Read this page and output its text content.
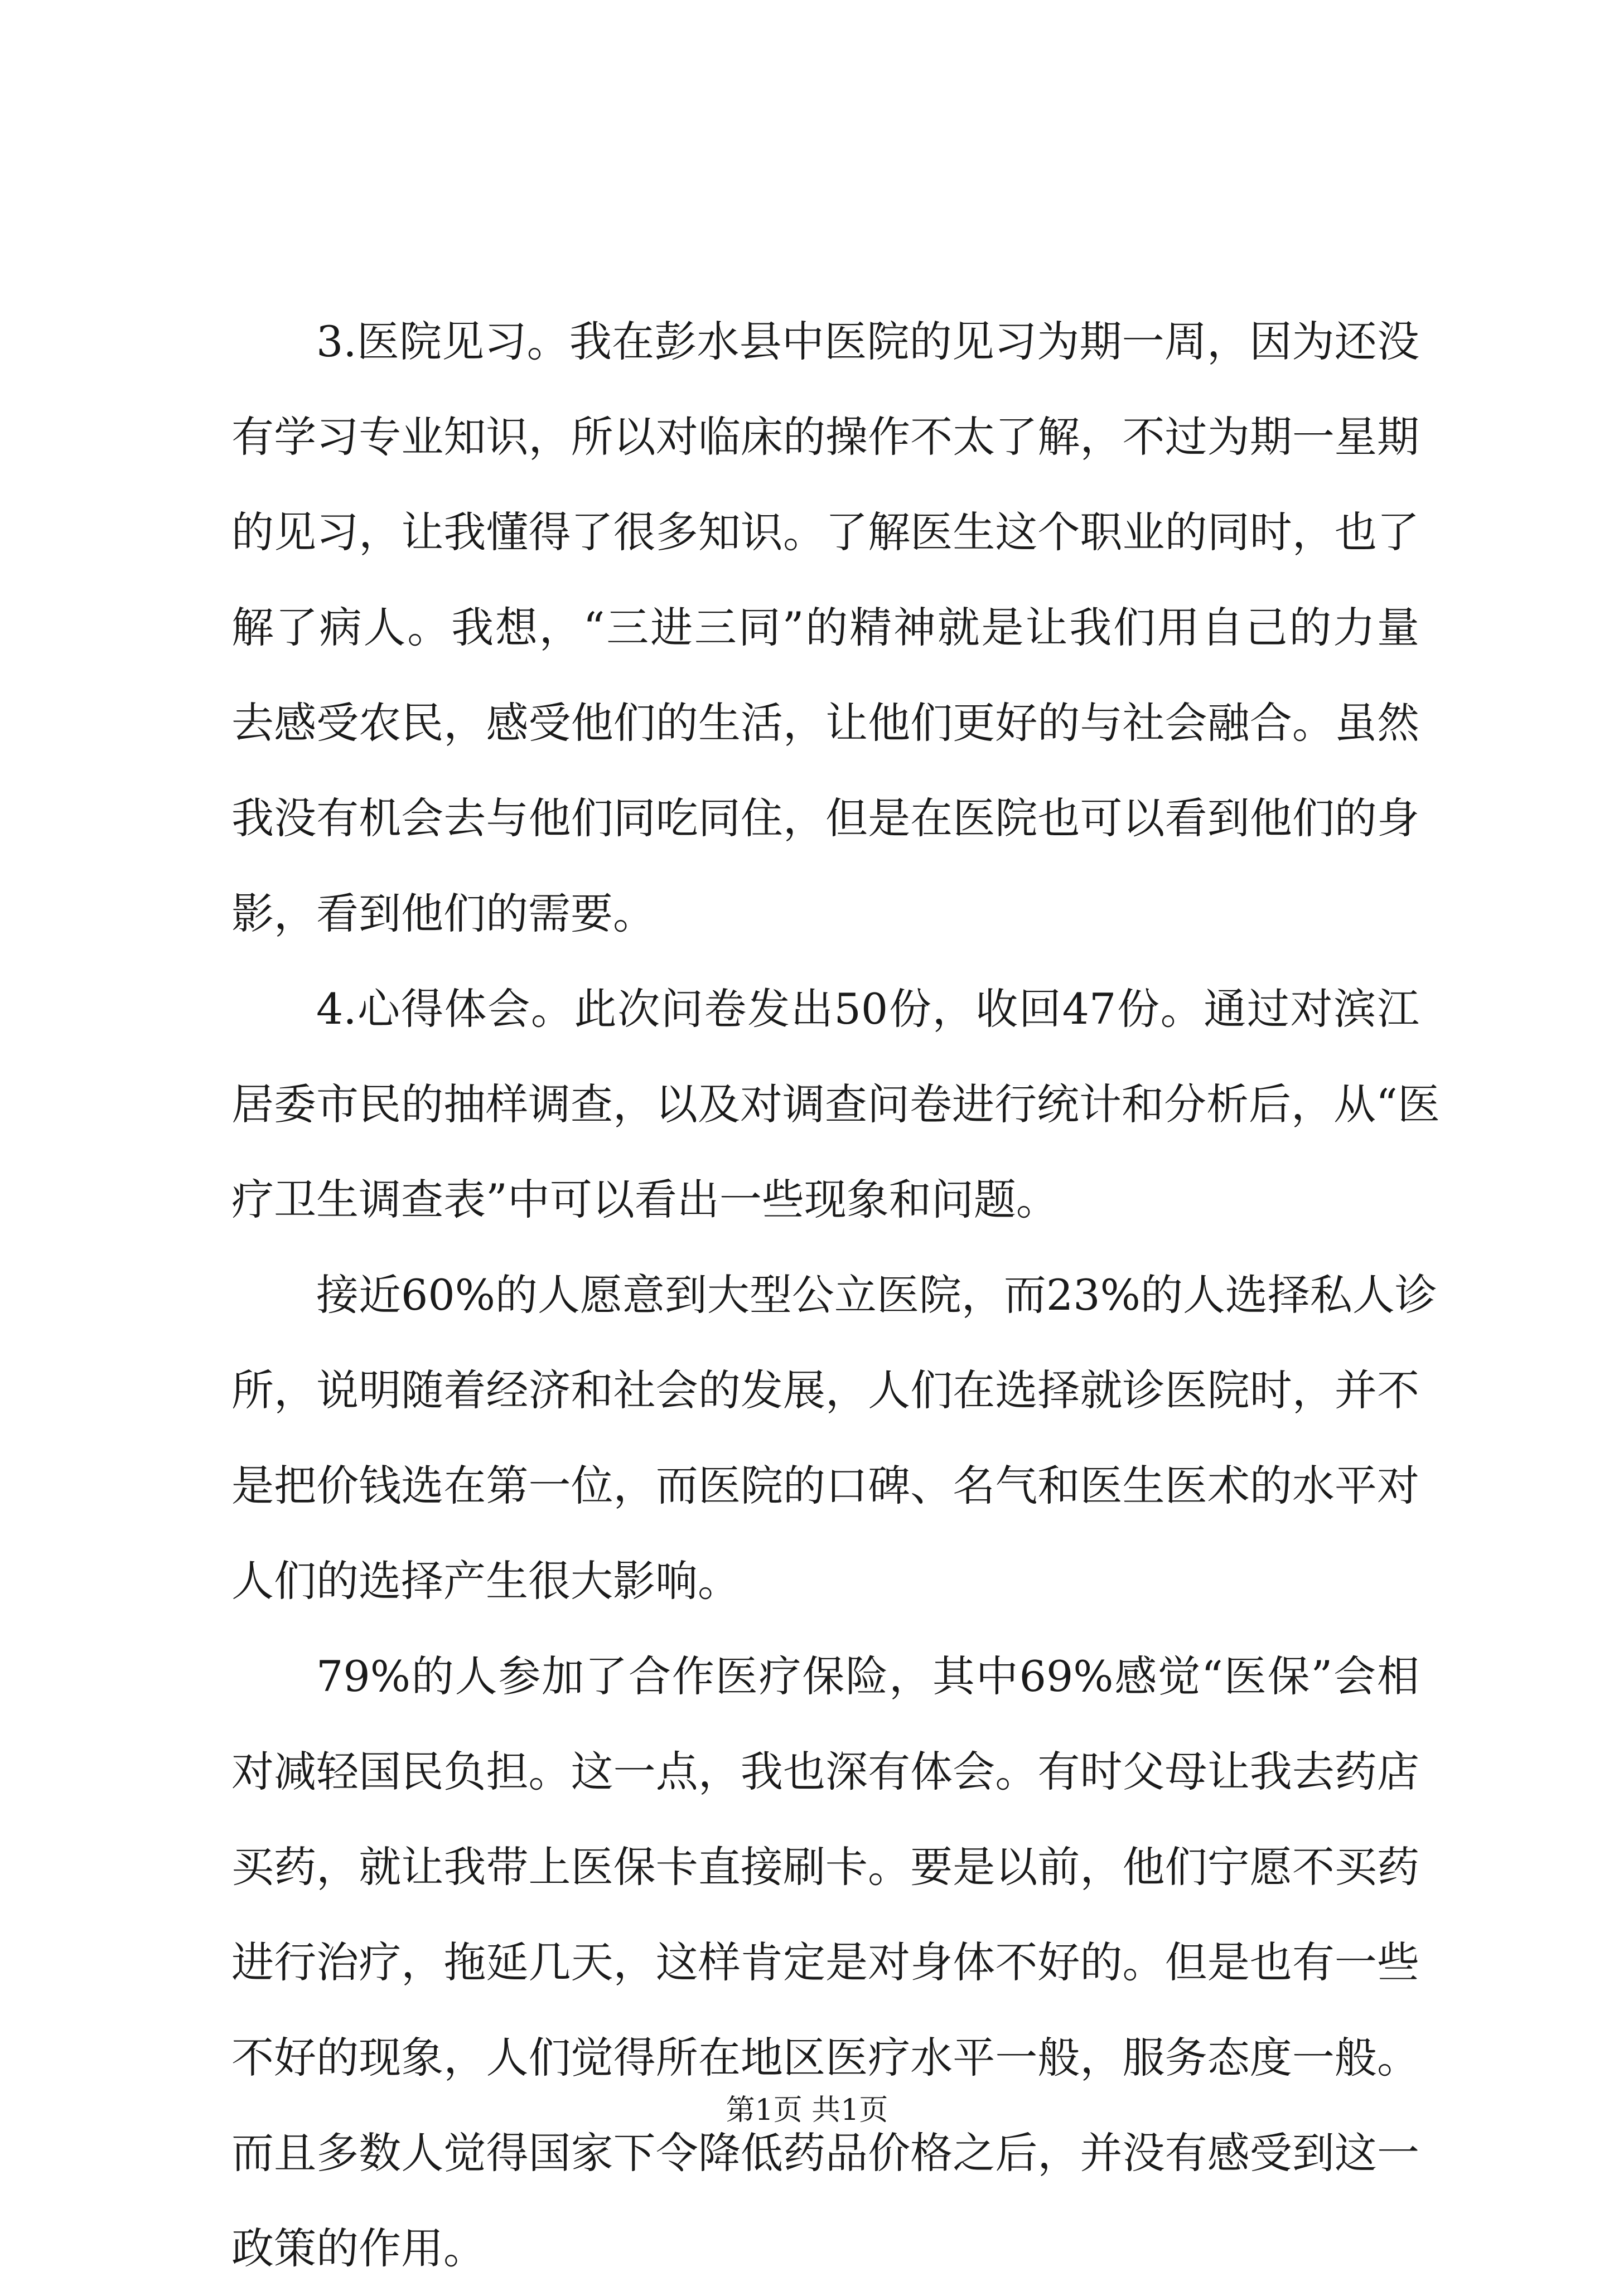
3.医院见习。我在彭水县中医院的见习为期一周，因为还没
有学习专业知识，所以对临床的操作不太了解，不过为期一星期
的见习，让我懂得了很多知识。了解医生这个职业的同时，也了
解了病人。我想，“三进三同”的精神就是让我们用自己的力量
去感受农民，感受他们的生活，让他们更好的与社会融合。虽然
我没有机会去与他们同吃同住，但是在医院也可以看到他们的身
影，看到他们的需要。

4.心得体会。此次问卷发出50份，收回47份。通过对滨江
居委市民的抽样调查，以及对调查问卷进行统计和分析后，从“医
疗卫生调查表”中可以看出一些现象和问题。

接近60%的人愿意到大型公立医院，而23%的人选择私人诊
所，说明随着经济和社会的发展，人们在选择就诊医院时，并不
是把价钱选在第一位，而医院的口碑、名气和医生医术的水平对
人们的选择产生很大影响。

79%的人参加了合作医疗保险，其中69%感觉“医保”会相
对减轻国民负担。这一点，我也深有体会。有时父母让我去药店
买药，就让我带上医保卡直接刷卡。要是以前，他们宁愿不买药
进行治疗，拖延几天，这样肯定是对身体不好的。但是也有一些
不好的现象，人们觉得所在地区医疗水平一般，服务态度一般。
而且多数人觉得国家下令降低药品价格之后，并没有感受到这一
政策的作用。

第1页 共1页
